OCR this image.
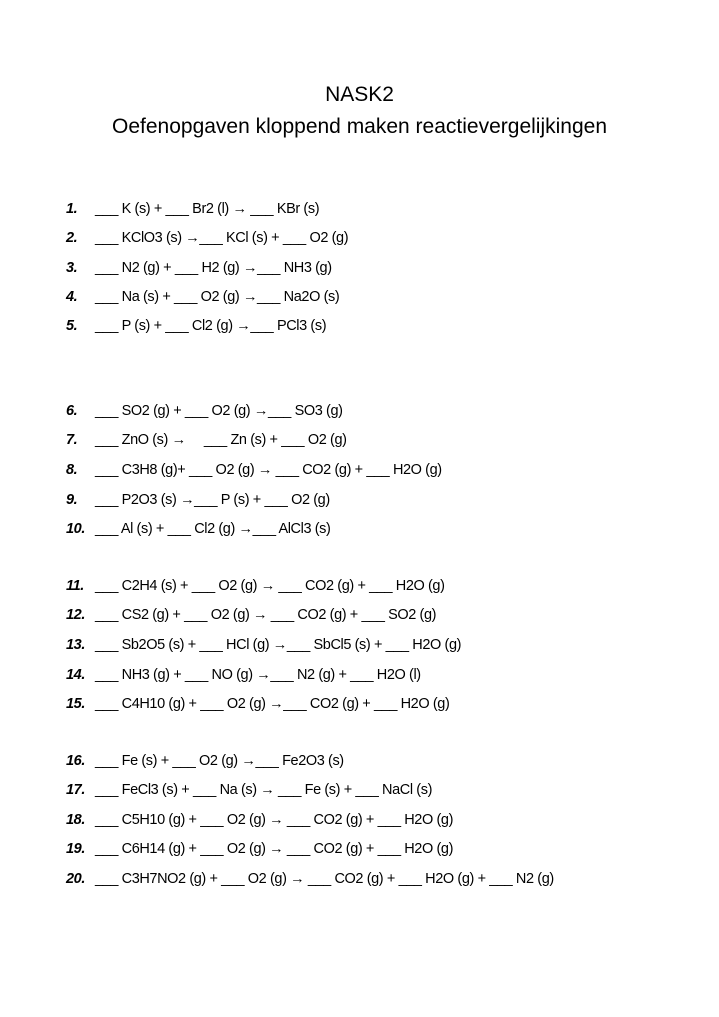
NASK2
Oefenopgaven kloppend maken reactievergelijkingen
1. ___ K (s) + ___ Br2 (l) → ___ KBr (s)
2. ___ KClO3 (s) →___ KCl (s) + ___ O2 (g)
3. ___ N2 (g) + ___ H2 (g) →___ NH3 (g)
4. ___ Na (s) + ___ O2 (g) →___ Na2O (s)
5. ___ P (s) + ___ Cl2 (g) →___ PCl3 (s)
6. ___ SO2 (g) + ___ O2 (g) →___ SO3 (g)
7. ___ ZnO (s) →     ___ Zn (s) + ___ O2 (g)
8. ___ C3H8 (g)+ ___ O2 (g) → ___ CO2 (g) + ___ H2O (g)
9. ___ P2O3 (s) →___ P (s) + ___ O2 (g)
10. ___ Al (s) + ___ Cl2 (g) →___ AlCl3 (s)
11. ___ C2H4 (s) + ___ O2 (g) → ___ CO2 (g) + ___ H2O (g)
12. ___ CS2 (g) + ___ O2 (g) → ___ CO2 (g) + ___ SO2 (g)
13. ___ Sb2O5 (s) + ___ HCl (g) →___ SbCl5 (s) + ___ H2O (g)
14. ___ NH3 (g) + ___ NO (g) →___ N2 (g) + ___ H2O (l)
15. ___ C4H10 (g) + ___ O2 (g) →___ CO2 (g) + ___ H2O (g)
16. ___ Fe (s) + ___ O2 (g) →___ Fe2O3 (s)
17. ___ FeCl3 (s) + ___ Na (s) → ___ Fe (s) + ___ NaCl (s)
18. ___ C5H10 (g) + ___ O2 (g) → ___ CO2 (g) + ___ H2O (g)
19. ___ C6H14 (g) + ___ O2 (g) → ___ CO2 (g) + ___ H2O (g)
20. ___ C3H7NO2 (g) + ___ O2 (g) → ___ CO2 (g) + ___ H2O (g) + ___ N2 (g)
